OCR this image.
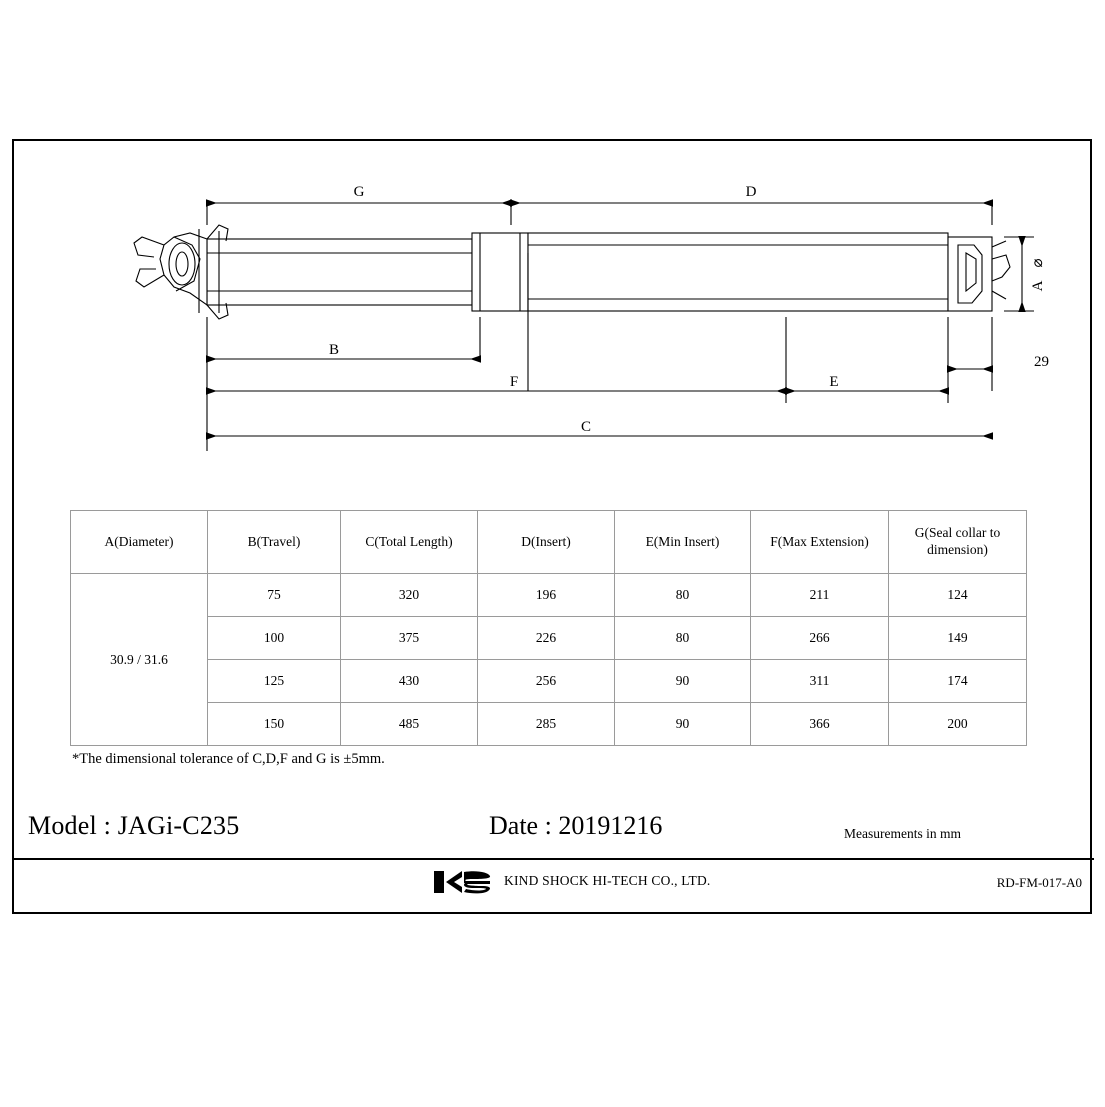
G	D
A
⌀
B
F	E
C
29
A(Diameter)	B(Travel)	C(Total Length)	D(Insert)	E(Min Insert)	F(Max Extension)	G(Seal collar to dimension)
30.9 / 31.6	75	320	196	80	211	124
	100	375	226	80	266	149
	125	430	256	90	311	174
	150	485	285	90	366	200
*The dimensional tolerance of C,D,F and G is ±5mm.
Model : JAGi-C235	Date : 20191216	Measurements in mm
KIND SHOCK HI-TECH CO., LTD.	RD-FM-017-A0
